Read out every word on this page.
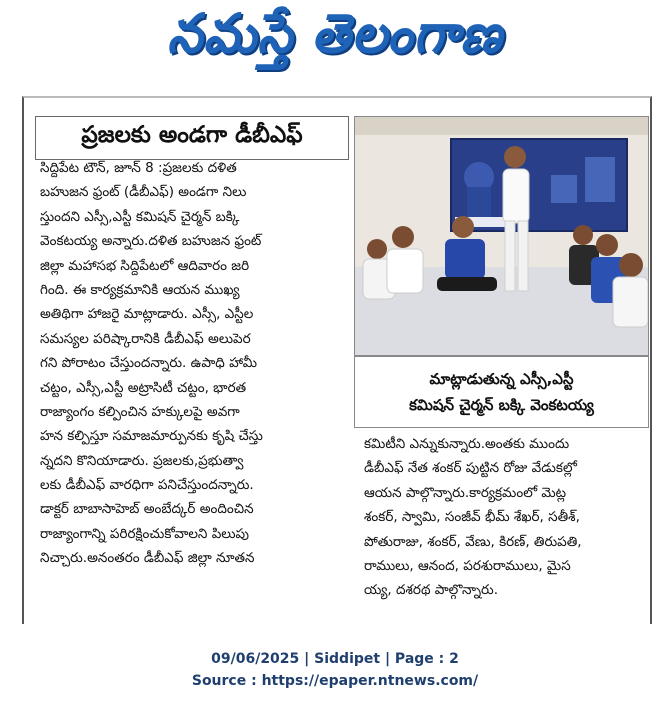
నమస్తే తెలంగాణ
ప్రజలకు అండగా డీబీఎఫ్
సిద్దిపేట టౌన్, జూన్ 8 :ప్రజలకు దళిత
బహుజన ఫ్రంట్ (డీబీఎఫ్) అండగా నిలు
స్తుందని ఎస్సీ,ఎస్టీ కమిషన్ చైర్మన్ బక్కి
వెంకటయ్య అన్నారు.దళిత బహుజన ఫ్రంట్
జిల్లా మహాసభ సిద్దిపేటలో ఆదివారం జరి
గింది. ఈ కార్యక్రమానికి ఆయన ముఖ్య
అతిథిగా హాజరై మాట్లాడారు. ఎస్సీ, ఎస్టీల
సమస్యల పరిష్కారానికి డీబీఎఫ్ అలుపెర
గని పోరాటం చేస్తుందన్నారు. ఉపాధి హామీ
చట్టం, ఎస్సీ,ఎస్టీ అట్రాసిటీ చట్టం, భారత
రాజ్యాంగం కల్పించిన హక్కులపై అవగా
హన కల్పిస్తూ సమాజమార్పునకు కృషి చేస్తు
న్నదని కొనియాడారు. ప్రజలకు,ప్రభుత్వా
లకు డీబీఎఫ్ వారధిగా పనిచేస్తుందన్నారు.
డాక్టర్ బాబాసాహెబ్ అంబేద్కర్ అందించిన
రాజ్యాంగాన్ని పరిరక్షించుకోవాలని పిలుపు
నిచ్చారు.అనంతరం డీబీఎఫ్ జిల్లా నూతన
మాట్లాడుతున్న ఎస్సీ,ఎస్టీ
కమిషన్ చైర్మన్ బక్కి వెంకటయ్య
కమిటీని ఎన్నుకున్నారు.అంతకు ముందు
డీబీఎఫ్ నేత శంకర్ పుట్టిన రోజు వేడుకల్లో
ఆయన పాల్గొన్నారు.కార్యక్రమంలో మెట్ల
శంకర్, స్వామి, సంజీవ్ భీమ్ శేఖర్, సతీశ్,
పోతురాజు, శంకర్, వేణు, కిరణ్, తిరుపతి,
రాములు, ఆనంద, పరశురాములు, మైస
య్య, దశరథ పాల్గొన్నారు.
09/06/2025 | Siddipet | Page : 2
Source : https://epaper.ntnews.com/
